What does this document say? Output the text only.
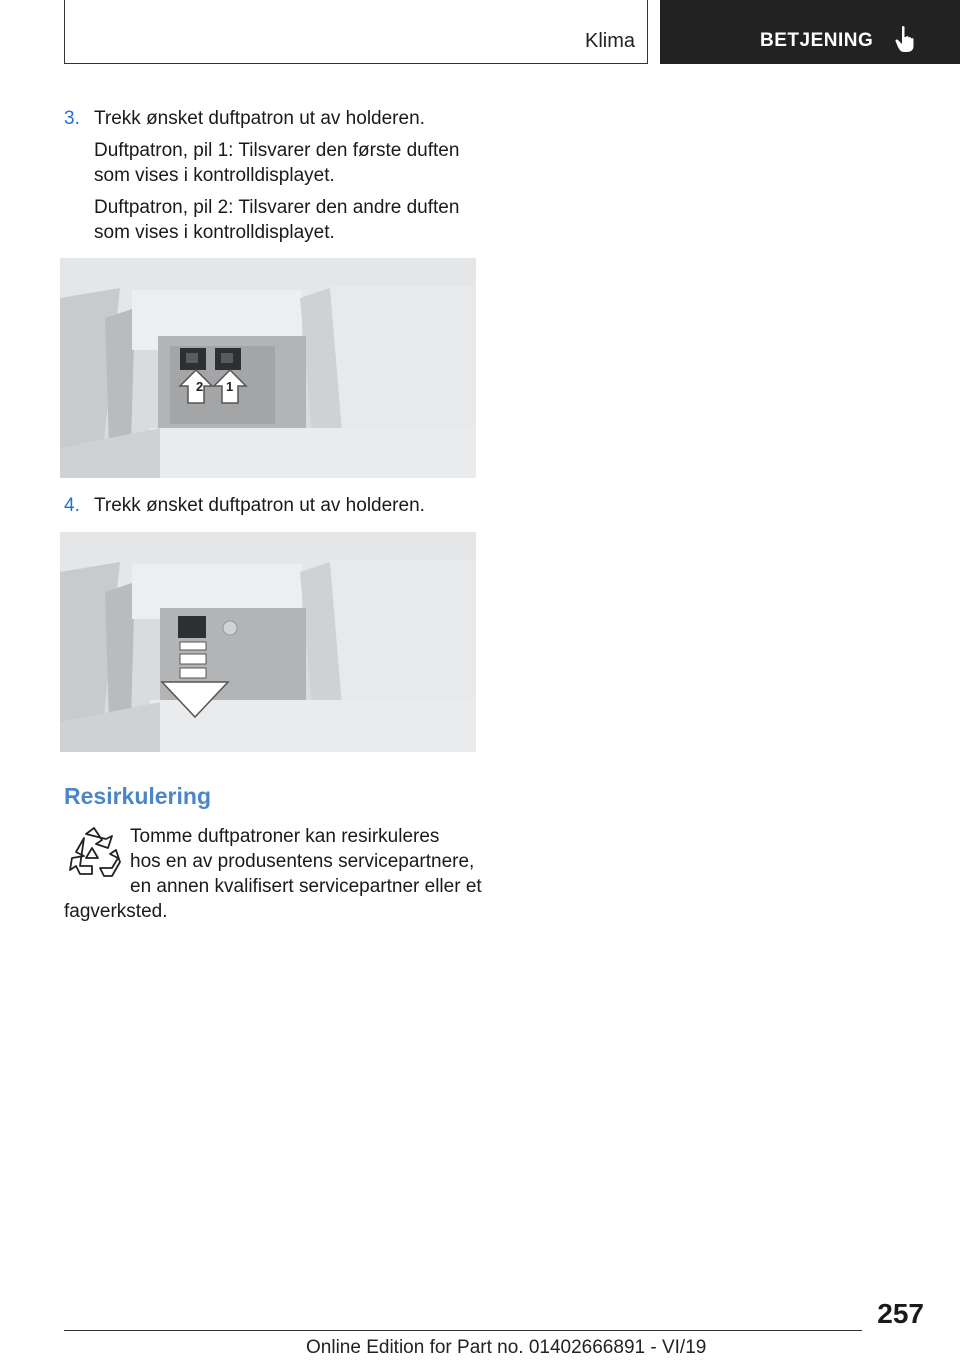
Klima	BETJENING
3. Trekk ønsket duftpatron ut av holderen.
Duftpatron, pil 1: Tilsvarer den første duften
som vises i kontrolldisplayet.
Duftpatron, pil 2: Tilsvarer den andre duften
som vises i kontrolldisplayet.
2 1
4. Trekk ønsket duftpatron ut av holderen.
Resirkulering
Tomme duftpatroner kan resirkuleres
hos en av produsentens servicepartnere,
en annen kvalifisert servicepartner eller et
fagverksted.
257
Online Edition for Part no. 01402666891 - VI/19
